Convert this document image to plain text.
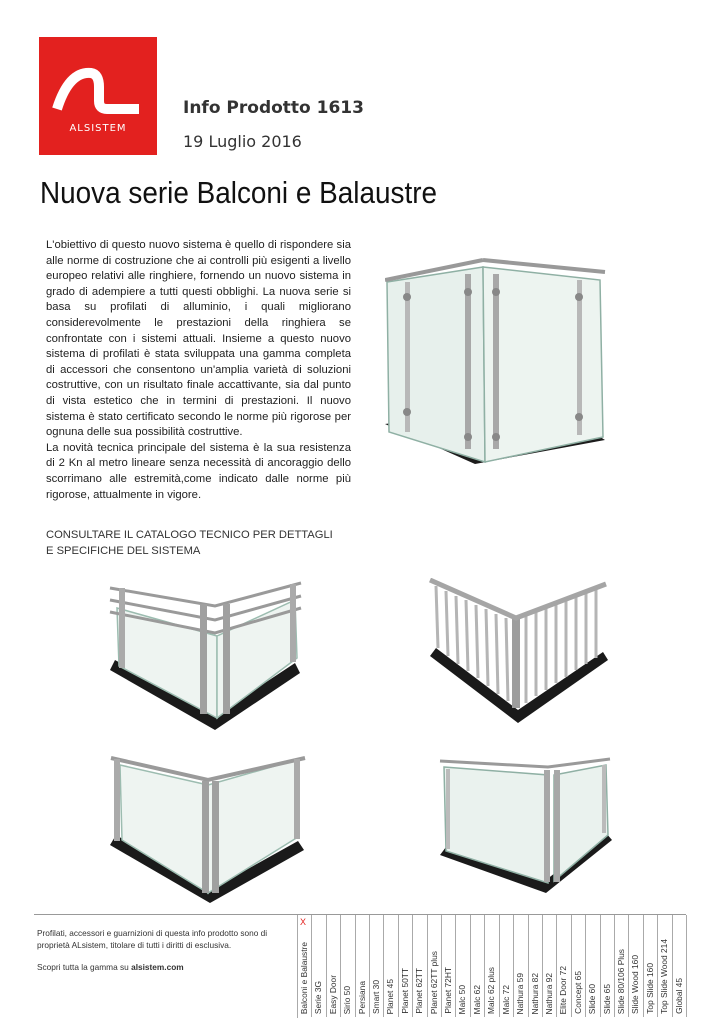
ALSISTEM
Info Prodotto 1613
19 Luglio 2016
Nuova serie Balconi e Balaustre

L'obiettivo di questo nuovo sistema è quello di rispondere sia alle norme di costruzione che ai controlli più esigenti a livello europeo relativi alle ringhiere, fornendo un nuovo sistema in grado di adempiere a tutti questi obblighi. La nuova serie si basa su profilati di alluminio, i quali migliorano considerevolmente le prestazioni della ringhiera se confrontate con i sistemi attuali. Insieme a questo nuovo sistema di profilati è stata sviluppata una gamma completa di accessori che consentono un'amplia varietà di soluzioni costruttive, con un risultato finale accattivante, sia dal punto di vista estetico che in termini di prestazioni. Il nuovo sistema è stato certificato secondo le norme più rigorose per ognuna delle sua possibilità costruttive.

La novità tecnica principale del sistema è la sua resistenza di 2 Kn al metro lineare senza necessità di ancoraggio dello scorrimano alle estremità,come indicato dalle norme più rigorose, attualmente in vigore.

CONSULTARE IL CATALOGO TECNICO PER DETTAGLI E SPECIFICHE DEL SISTEMA
Profilati, accessori e guarnizioni di questa info prodotto sono di proprietà ALsistem, titolare di tutti i diritti di esclusiva.
Scopri tutta la gamma su alsistem.com
X
Balconi e Balaustre Serie 3G Easy Door Sirio 50 Persiana Smart 30 Planet 45 Planet 50TT Planet 62TT Planet 62TT plus Planet 72HT Malc 50 Malc 62 Malc 62 plus Malc 72 Nathura 59 Nathura 82 Nathura 92 Elite Door 72 Concept 65 Slide 60 Slide 65 Slide 80/106 Plus Slide Wood 160 Top Slide 160 Top Slide Wood 214 Global 45
